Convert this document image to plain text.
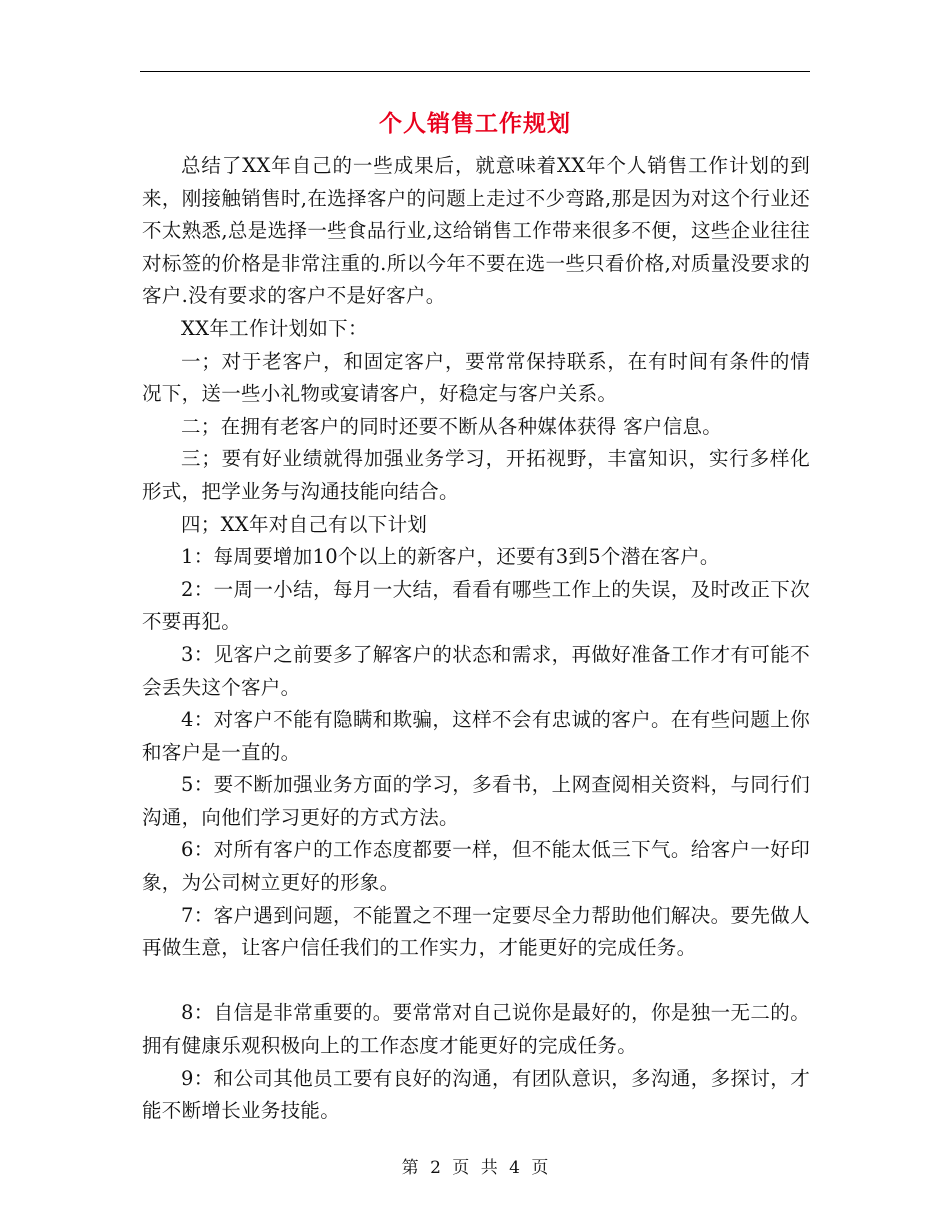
个人销售工作规划

总结了XX年自己的一些成果后，就意味着XX年个人销售工作计划的到来，刚接触销售时,在选择客户的问题上走过不少弯路,那是因为对这个行业还不太熟悉,总是选择一些食品行业,这给销售工作带来很多不便，这些企业往往对标签的价格是非常注重的.所以今年不要在选一些只看价格,对质量没要求的客户.没有要求的客户不是好客户。

XX年工作计划如下：

一；对于老客户，和固定客户，要常常保持联系，在有时间有条件的情况下，送一些小礼物或宴请客户，好稳定与客户关系。

二；在拥有老客户的同时还要不断从各种媒体获得 客户信息。

三；要有好业绩就得加强业务学习，开拓视野，丰富知识，实行多样化形式，把学业务与沟通技能向结合。

四；XX年对自己有以下计划

1：每周要增加10个以上的新客户，还要有3到5个潜在客户。

2：一周一小结，每月一大结，看看有哪些工作上的失误，及时改正下次不要再犯。

3：见客户之前要多了解客户的状态和需求，再做好准备工作才有可能不会丢失这个客户。

4：对客户不能有隐瞒和欺骗，这样不会有忠诚的客户。在有些问题上你和客户是一直的。

5：要不断加强业务方面的学习，多看书，上网查阅相关资料，与同行们沟通，向他们学习更好的方式方法。

6：对所有客户的工作态度都要一样，但不能太低三下气。给客户一好印象，为公司树立更好的形象。

7：客户遇到问题，不能置之不理一定要尽全力帮助他们解决。要先做人再做生意，让客户信任我们的工作实力，才能更好的完成任务。

8：自信是非常重要的。要常常对自己说你是最好的，你是独一无二的。拥有健康乐观积极向上的工作态度才能更好的完成任务。

9：和公司其他员工要有良好的沟通，有团队意识，多沟通，多探讨，才能不断增长业务技能。

第 2 页 共 4 页
